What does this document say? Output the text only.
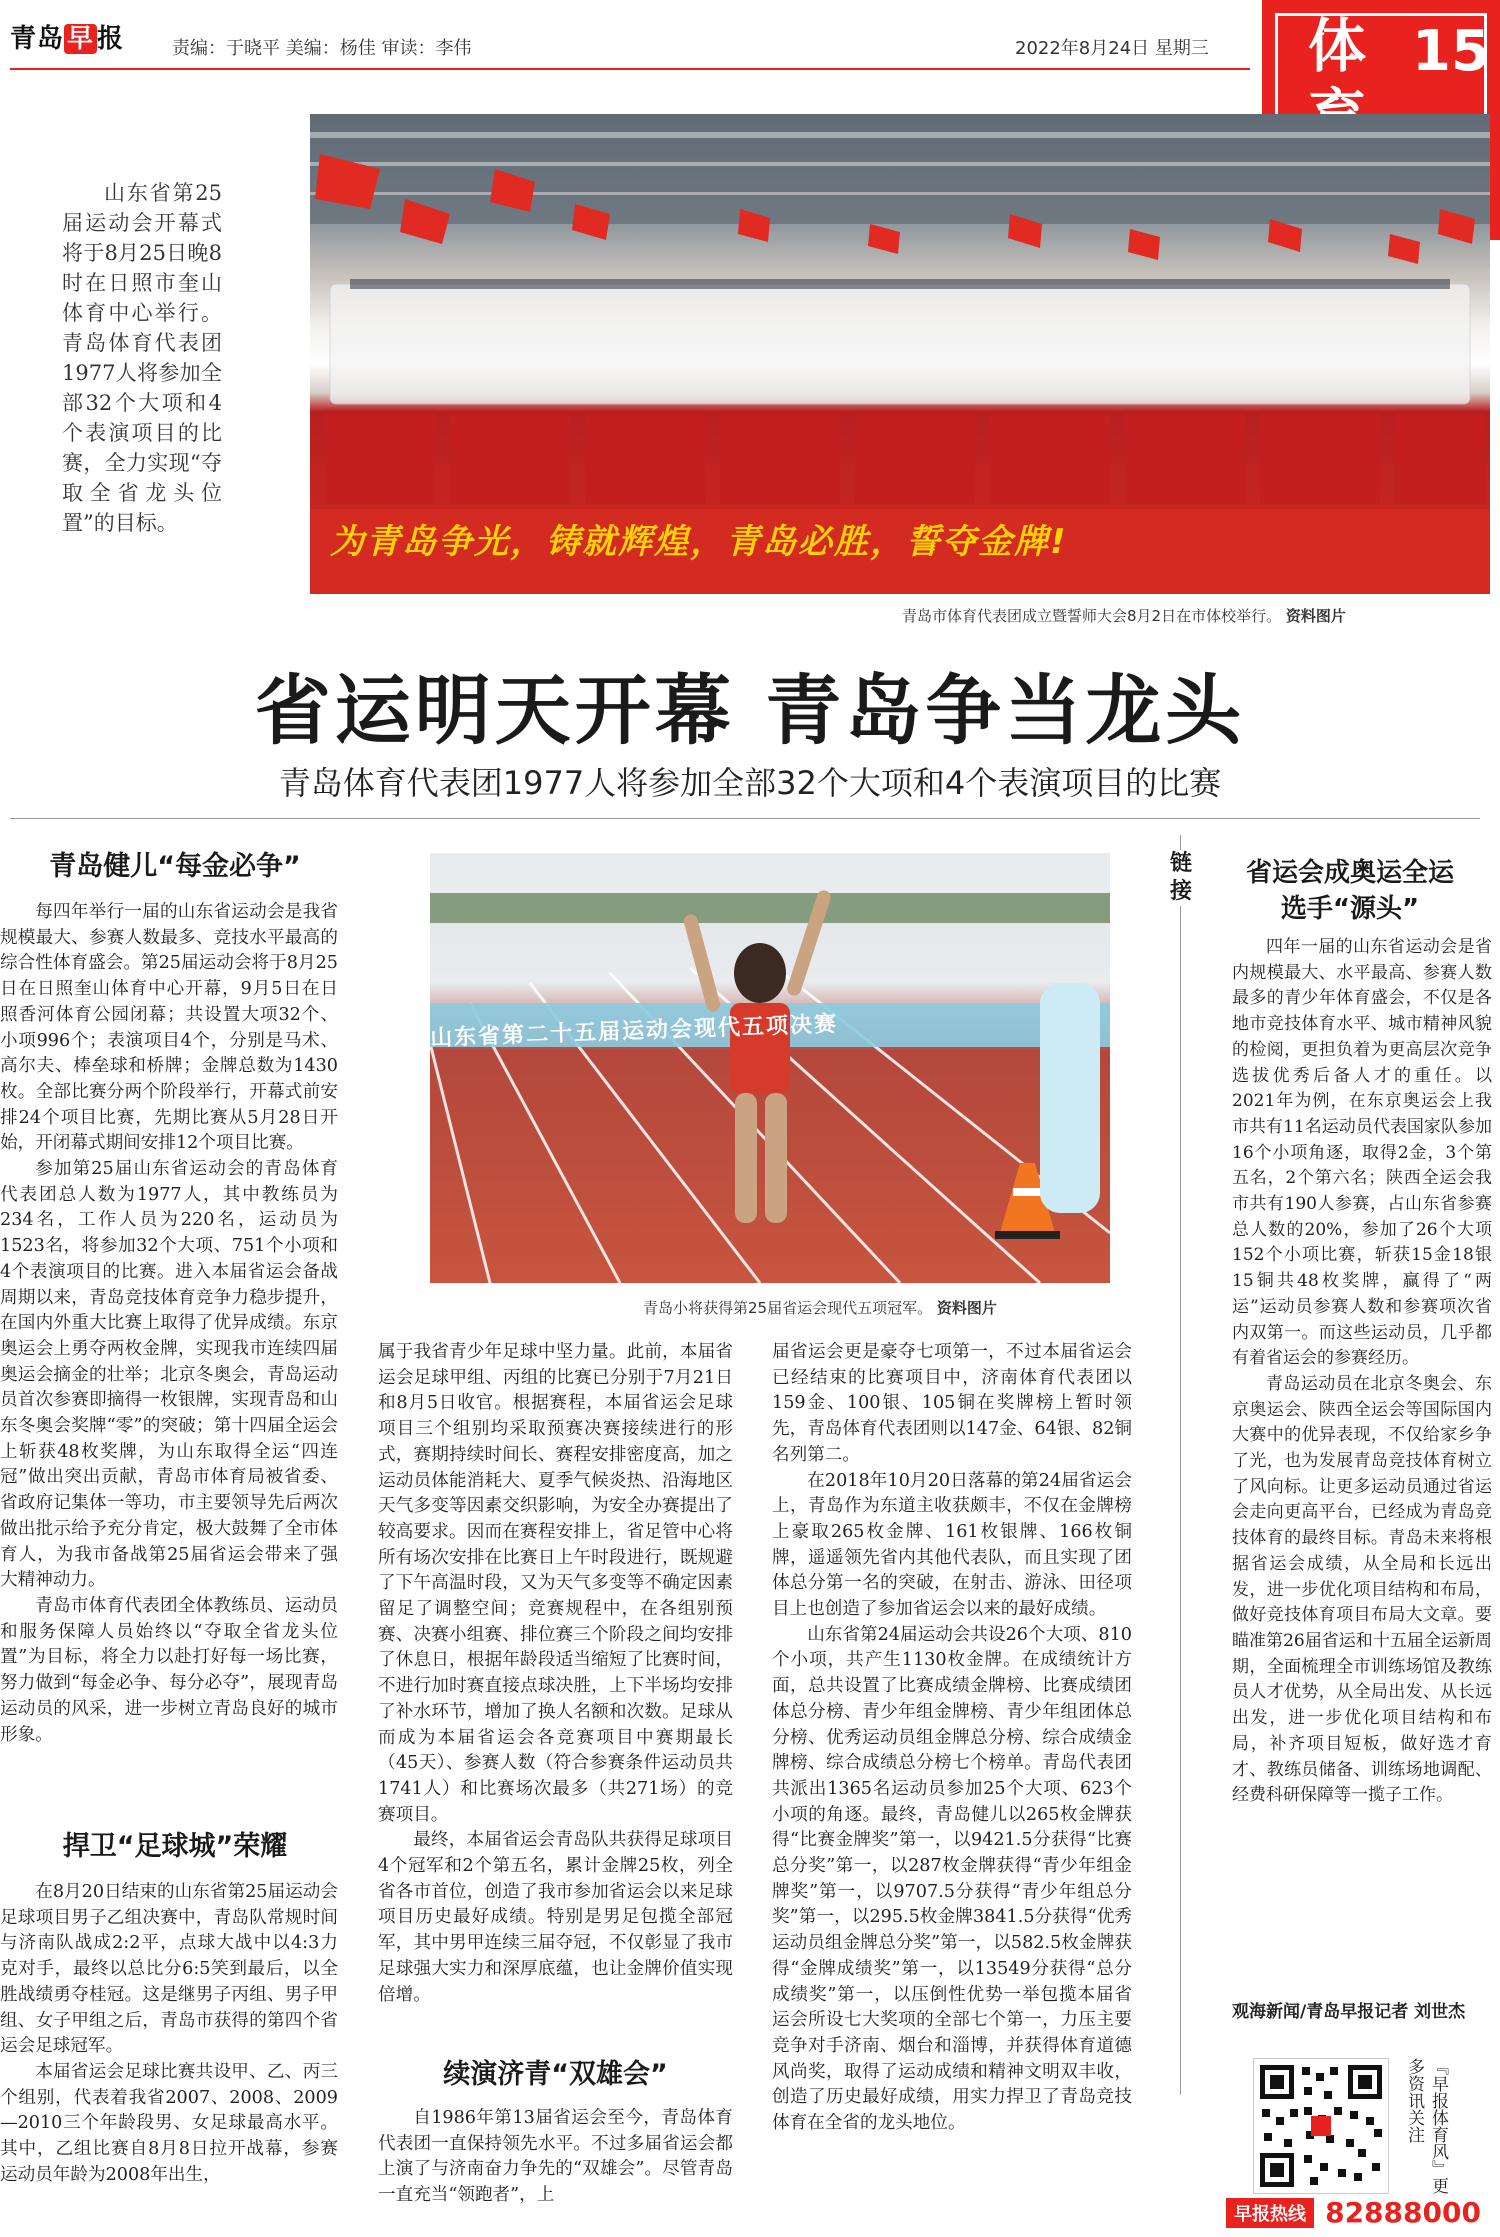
青岛 早 报	责编：于晓平 美编：杨佳 审读：李伟	2022年8月24日 星期三 体 15
山东省第25届运动会开幕式将于8月25日晚8时在日照市奎山体育中心举行。青岛体育代表团1977人将参加全部32个大项和4个表演项目的比赛，全力实现“夺取全省龙头位置”的目标。	为青岛争光，铸就辉煌，青岛必胜，誓夺金牌!
青岛市体育代表团成立暨誓师大会8月2日在市体校举行。 资料图片
省运明天开幕 青岛争当龙头
青岛体育代表团1977人将参加全部32个大项和4个表演项目的比赛
青岛健儿“每金必争”

每四年举行一届的山东省运动会是我省规模最大、参赛人数最多、竞技水平最高的综合性体育盛会。第25届运动会将于8月25日在日照奎山体育中心开幕，9月5日在日照香河体育公园闭幕；共设置大项32个、小项996个；表演项目4个，分别是马术、高尔夫、棒垒球和桥牌；金牌总数为1430枚。全部比赛分两个阶段举行，开幕式前安排24个项目比赛，先期比赛从5月28日开始，开闭幕式期间安排12个项目比赛。

参加第25届山东省运动会的青岛体育代表团总人数为1977人，其中教练员为234名，工作人员为220名，运动员为1523名，将参加32个大项、751个小项和4个表演项目的比赛。进入本届省运会备战周期以来，青岛竞技体育竞争力稳步提升，在国内外重大比赛上取得了优异成绩。东京奥运会上勇夺两枚金牌，实现我市连续四届奥运会摘金的壮举；北京冬奥会，青岛运动员首次参赛即摘得一枚银牌，实现青岛和山东冬奥会奖牌“零”的突破；第十四届全运会上斩获48枚奖牌，为山东取得全运“四连冠”做出突出贡献，青岛市体育局被省委、省政府记集体一等功，市主要领导先后两次做出批示给予充分肯定，极大鼓舞了全市体育人，为我市备战第25届省运会带来了强大精神动力。

青岛市体育代表团全体教练员、运动员和服务保障人员始终以“夺取全省龙头位置”为目标，将全力以赴打好每一场比赛，努力做到“每金必争、每分必夺”，展现青岛运动员的风采，进一步树立青岛良好的城市形象。

捍卫“足球城”荣耀

在8月20日结束的山东省第25届运动会足球项目男子乙组决赛中，青岛队常规时间与济南队战成2:2平，点球大战中以4:3力克对手，最终以总比分6:5笑到最后，以全胜战绩勇夺桂冠。这是继男子丙组、男子甲组、女子甲组之后，青岛市获得的第四个省运会足球冠军。

本届省运会足球比赛共设甲、乙、丙三个组别，代表着我省2007、2008、2009—2010三个年龄段男、女足球最高水平。其中，乙组比赛自8月8日拉开战幕，参赛运动员年龄为2008年出生，

山东省第二十五届运动会现代五项决赛
青岛小将获得第25届省运会现代五项冠军。 资料图片

属于我省青少年足球中坚力量。此前，本届省运会足球甲组、丙组的比赛已分别于7月21日和8月5日收官。根据赛程，本届省运会足球项目三个组别均采取预赛决赛接续进行的形式，赛期持续时间长、赛程安排密度高，加之运动员体能消耗大、夏季气候炎热、沿海地区天气多变等因素交织影响，为安全办赛提出了较高要求。因而在赛程安排上，省足管中心将所有场次安排在比赛日上午时段进行，既规避了下午高温时段，又为天气多变等不确定因素留足了调整空间；竞赛规程中，在各组别预赛、决赛小组赛、排位赛三个阶段之间均安排了休息日，根据年龄段适当缩短了比赛时间，不进行加时赛直接点球决胜，上下半场均安排了补水环节，增加了换人名额和次数。足球从而成为本届省运会各竞赛项目中赛期最长（45天）、参赛人数（符合参赛条件运动员共1741人）和比赛场次最多（共271场）的竞赛项目。

最终，本届省运会青岛队共获得足球项目4个冠军和2个第五名，累计金牌25枚，列全省各市首位，创造了我市参加省运会以来足球项目历史最好成绩。特别是男足包揽全部冠军，其中男甲连续三届夺冠，不仅彰显了我市足球强大实力和深厚底蕴，也让金牌价值实现倍增。

续演济青“双雄会”

自1986年第13届省运会至今，青岛体育代表团一直保持领先水平。不过多届省运会都上演了与济南奋力争先的“双雄会”。尽管青岛一直充当“领跑者”，上

届省运会更是豪夺七项第一，不过本届省运会已经结束的比赛项目中，济南体育代表团以159金、100银、105铜在奖牌榜上暂时领先，青岛体育代表团则以147金、64银、82铜名列第二。

在2018年10月20日落幕的第24届省运会上，青岛作为东道主收获颇丰，不仅在金牌榜上豪取265枚金牌、161枚银牌、166枚铜牌，遥遥领先省内其他代表队，而且实现了团体总分第一名的突破，在射击、游泳、田径项目上也创造了参加省运会以来的最好成绩。

山东省第24届运动会共设26个大项、810个小项，共产生1130枚金牌。在成绩统计方面，总共设置了比赛成绩金牌榜、比赛成绩团体总分榜、青少年组金牌榜、青少年组团体总分榜、优秀运动员组金牌总分榜、综合成绩金牌榜、综合成绩总分榜七个榜单。青岛代表团共派出1365名运动员参加25个大项、623个小项的角逐。最终，青岛健儿以265枚金牌获得“比赛金牌奖”第一，以9421.5分获得“比赛总分奖”第一，以287枚金牌获得“青少年组金牌奖”第一，以9707.5分获得“青少年组总分奖”第一，以295.5枚金牌3841.5分获得“优秀运动员组金牌总分奖”第一，以582.5枚金牌获得“金牌成绩奖”第一，以13549分获得“总分成绩奖”第一，以压倒性优势一举包揽本届省运会所设七大奖项的全部七个第一，力压主要竞争对手济南、烟台和淄博，并获得体育道德风尚奖，取得了运动成绩和精神文明双丰收，创造了历史最好成绩，用实力捍卫了青岛竞技体育在全省的龙头地位。

链接
省运会成奥运全运
选手“源头”

四年一届的山东省运动会是省内规模最大、水平最高、参赛人数最多的青少年体育盛会，不仅是各地市竞技体育水平、城市精神风貌的检阅，更担负着为更高层次竞争选拔优秀后备人才的重任。以2021年为例，在东京奥运会上我市共有11名运动员代表国家队参加16个小项角逐，取得2金，3个第五名，2个第六名；陕西全运会我市共有190人参赛，占山东省参赛总人数的20%，参加了26个大项152个小项比赛，斩获15金18银15铜共48枚奖牌，赢得了“两运”运动员参赛人数和参赛项次省内双第一。而这些运动员，几乎都有着省运会的参赛经历。

青岛运动员在北京冬奥会、东京奥运会、陕西全运会等国际国内大赛中的优异表现，不仅给家乡争了光，也为发展青岛竞技体育树立了风向标。让更多运动员通过省运会走向更高平台，已经成为青岛竞技体育的最终目标。青岛未来将根据省运会成绩，从全局和长远出发，进一步优化项目结构和布局，做好竞技体育项目布局大文章。要瞄准第26届省运和十五届全运新周期，全面梳理全市训练场馆及教练员人才优势，从全局出发、从长远出发，进一步优化项目结构和布局，补齐项目短板，做好选才育才、教练员储备、训练场地调配、经费科研保障等一揽子工作。

观海新闻/青岛早报记者 刘世杰
『早报体育风』更多资讯关注
早报热线 82888000
